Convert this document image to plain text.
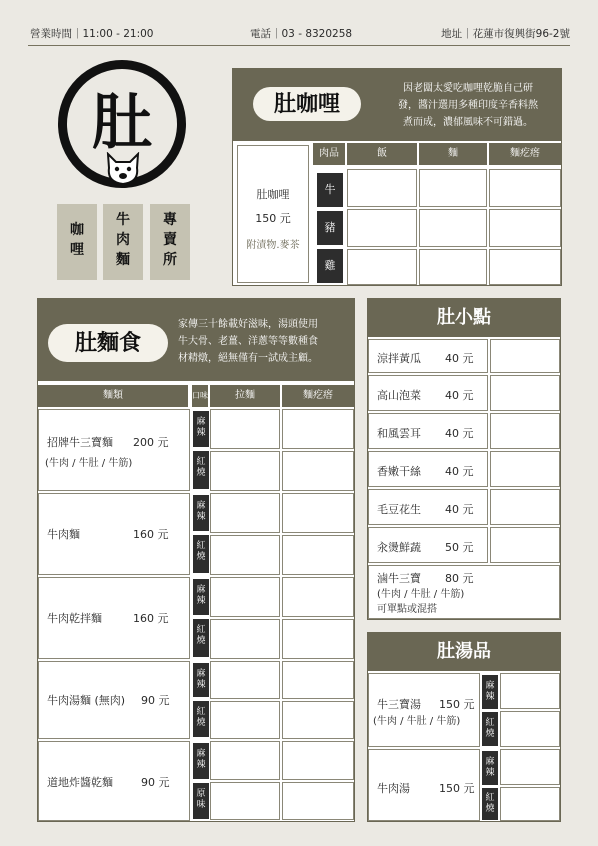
營業時間｜11:00 - 21:00	電話｜03 - 8320258	地址｜花蓮市復興街96-2號
肚
咖
哩
牛
肉
麵
專
賣
所
肚咖哩
因老闆太愛吃咖哩乾脆自己研
發，醬汁選用多種印度辛香料熬
煮而成，濃郁風味不可錯過。
肉品	飯	麵	麵疙瘩
肚咖哩
150 元
附漬物.麥茶
牛
豬
雞
肚麵食
家傳三十餘載好滋味，湯頭使用
牛大骨、老薑、洋蔥等等數種食
材精燉，絕無僅有一試成主顧。
麵類	口味	拉麵	麵疙瘩
招牌牛三寶麵 200 元
(牛肉 / 牛肚 / 牛筋)
麻辣
紅燒
牛肉麵	160 元
麻辣
紅燒
牛肉乾拌麵	160 元
麻辣
紅燒
牛肉湯麵 (無肉) 90 元
麻辣
紅燒
道地炸醬乾麵	90 元
麻辣
原味
肚小點
涼拌黃瓜 40 元
高山泡菜 40 元
和風雲耳 40 元
香嫩干絲 40 元
毛豆花生 40 元
汆燙鮮蔬 50 元
滷牛三寶 80 元
(牛肉 / 牛肚 / 牛筋)
可單點或混搭
肚湯品
牛三寶湯 150 元
(牛肉 / 牛肚 / 牛筋)
麻辣
紅燒
牛肉湯	150 元
麻辣
紅燒
